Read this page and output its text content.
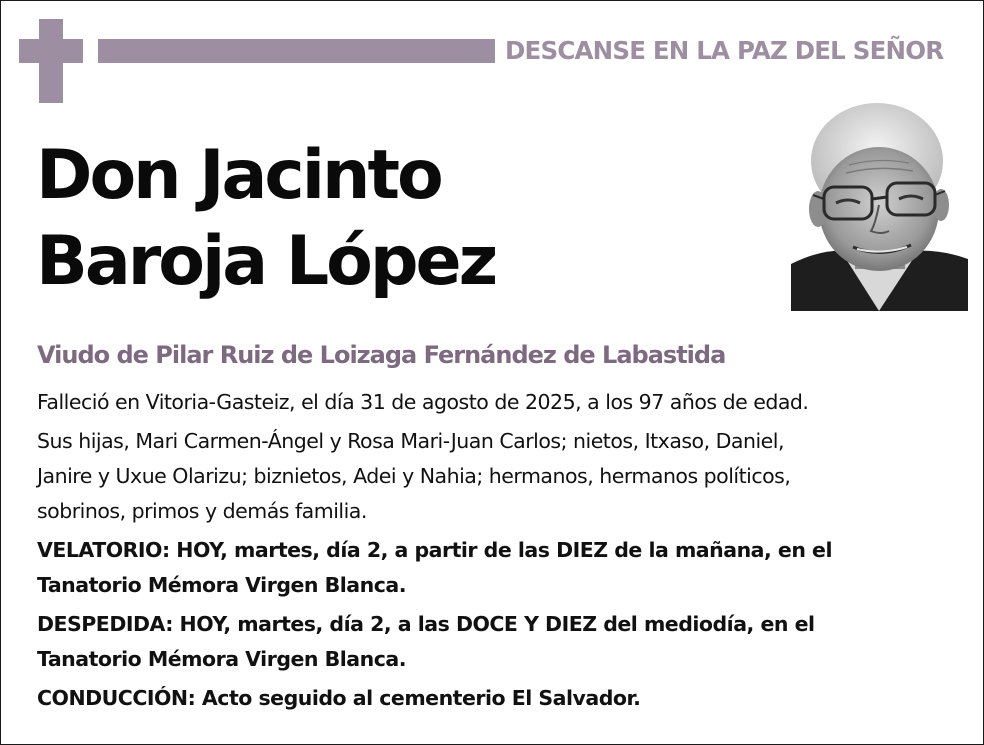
DESCANSE EN LA PAZ DEL SEÑOR
Don Jacinto
Baroja López
Viudo de Pilar Ruiz de Loizaga Fernández de Labastida

Falleció en Vitoria-Gasteiz, el día 31 de agosto de 2025, a los 97 años de edad.

Sus hijas, Mari Carmen-Ángel y Rosa Mari-Juan Carlos; nietos, Itxaso, Daniel,
Janire y Uxue Olarizu; biznietos, Adei y Nahia; hermanos, hermanos políticos,
sobrinos, primos y demás familia.

VELATORIO: HOY, martes, día 2, a partir de las DIEZ de la mañana, en el
Tanatorio Mémora Virgen Blanca.

DESPEDIDA: HOY, martes, día 2, a las DOCE Y DIEZ del mediodía, en el
Tanatorio Mémora Virgen Blanca.

CONDUCCIÓN: Acto seguido al cementerio El Salvador.
